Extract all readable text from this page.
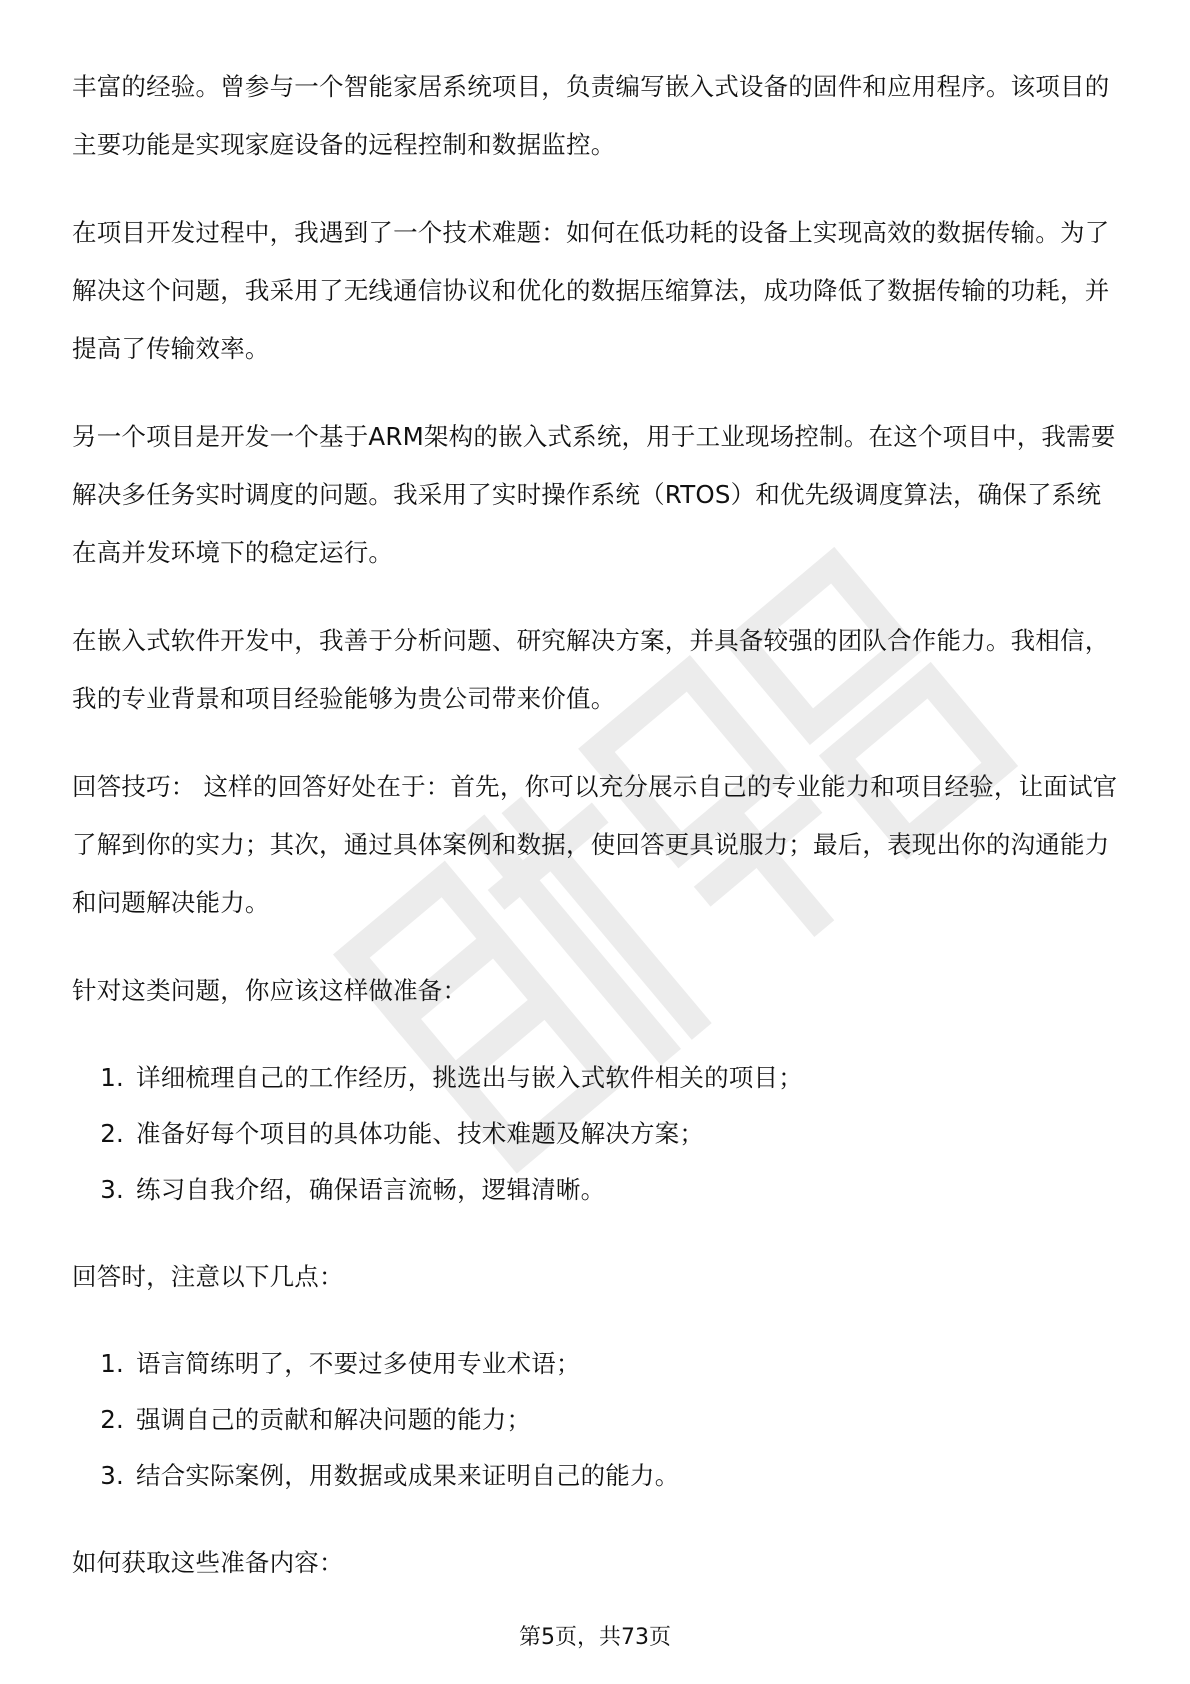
丰富的经验。曾参与一个智能家居系统项目，负责编写嵌入式设备的固件和应用程序。该项目的主要功能是实现家庭设备的远程控制和数据监控。

在项目开发过程中，我遇到了一个技术难题：如何在低功耗的设备上实现高效的数据传输。为了解决这个问题，我采用了无线通信协议和优化的数据压缩算法，成功降低了数据传输的功耗，并提高了传输效率。

另一个项目是开发一个基于ARM架构的嵌入式系统，用于工业现场控制。在这个项目中，我需要解决多任务实时调度的问题。我采用了实时操作系统（RTOS）和优先级调度算法，确保了系统在高并发环境下的稳定运行。

在嵌入式软件开发中，我善于分析问题、研究解决方案，并具备较强的团队合作能力。我相信，我的专业背景和项目经验能够为贵公司带来价值。

回答技巧： 这样的回答好处在于：首先，你可以充分展示自己的专业能力和项目经验，让面试官了解到你的实力；其次，通过具体案例和数据，使回答更具说服力；最后，表现出你的沟通能力和问题解决能力。

针对这类问题，你应该这样做准备：

1. 详细梳理自己的工作经历，挑选出与嵌入式软件相关的项目；
2. 准备好每个项目的具体功能、技术难题及解决方案；
3. 练习自我介绍，确保语言流畅，逻辑清晰。

回答时，注意以下几点：

1. 语言简练明了，不要过多使用专业术语；
2. 强调自己的贡献和解决问题的能力；
3. 结合实际案例，用数据或成果来证明自己的能力。

如何获取这些准备内容：

第5页，共73页
